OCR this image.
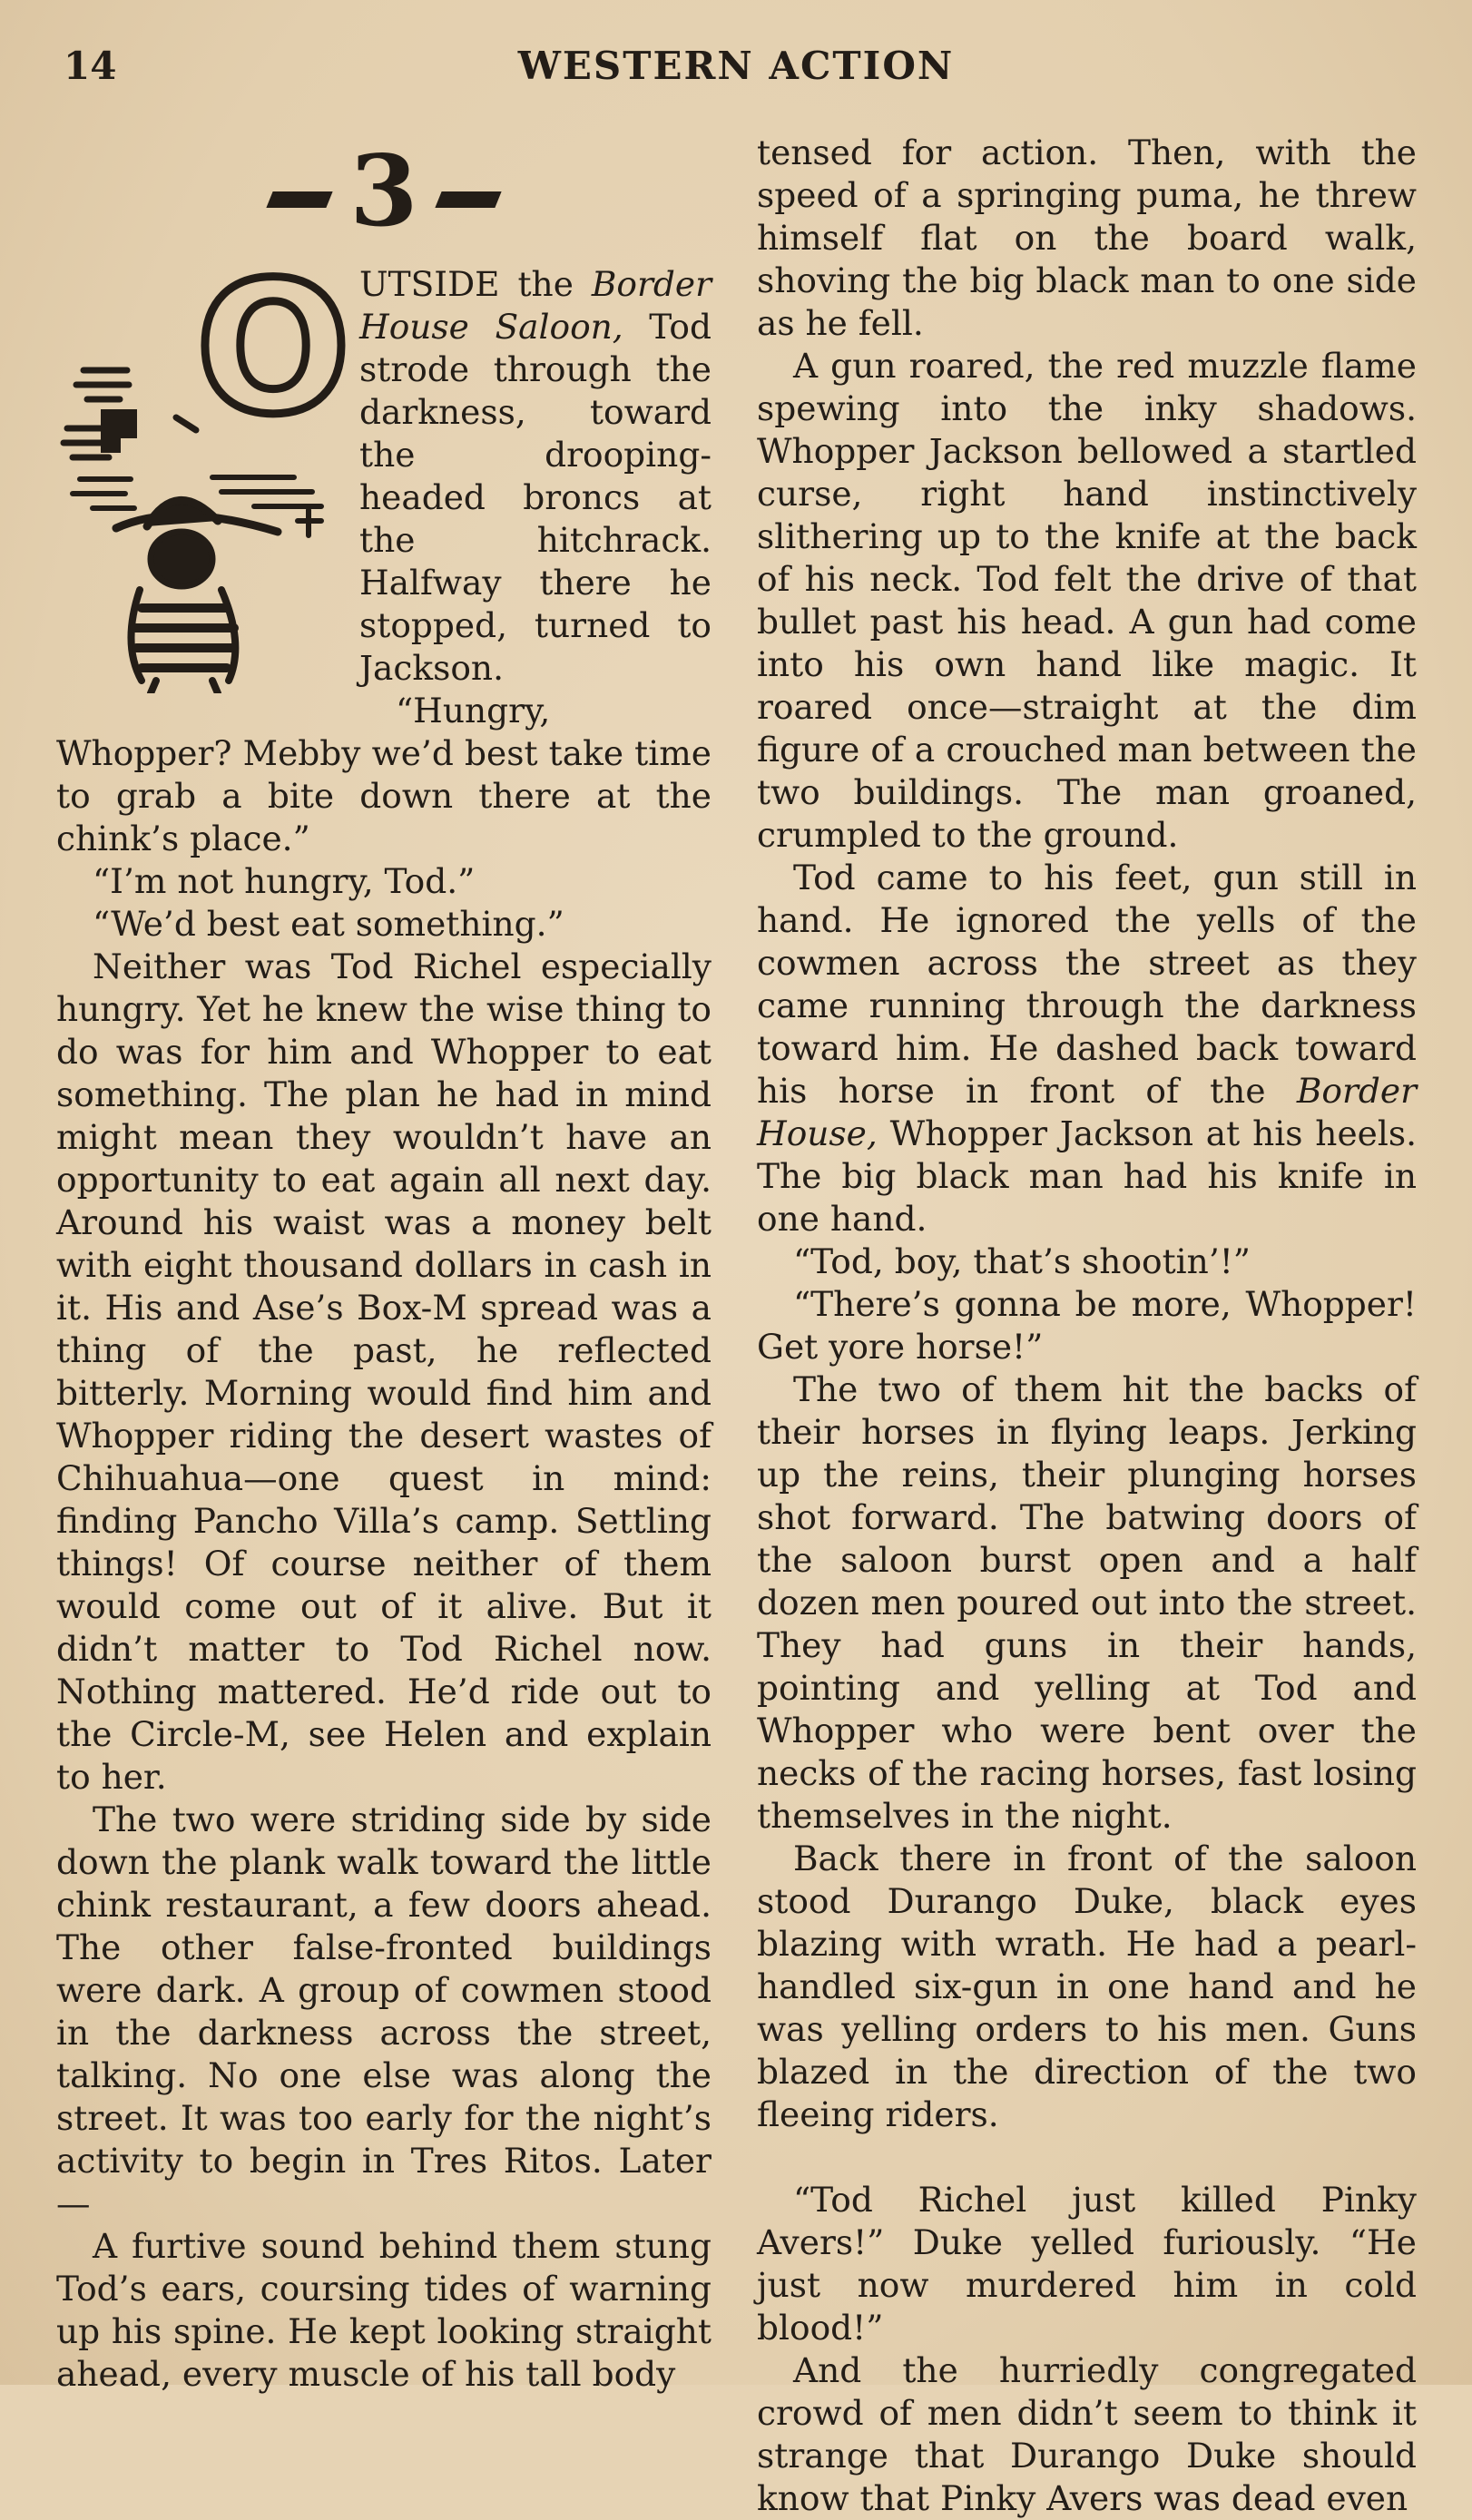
14	WESTERN ACTION
3
O UTSIDE the Border House Saloon, Tod strode through the darkness, toward the drooping-headed broncs at the hitchrack. Halfway there he stopped, turned to Jackson.

“Hungry, Whopper? Mebby we’d best take time to grab a bite down there at the chink’s place.”

“I’m not hungry, Tod.”

“We’d best eat something.”

Neither was Tod Richel especially hungry. Yet he knew the wise thing to do was for him and Whopper to eat something. The plan he had in mind might mean they wouldn’t have an opportunity to eat again all next day. Around his waist was a money belt with eight thousand dollars in cash in it. His and Ase’s Box-M spread was a thing of the past, he reflected bitterly. Morning would find him and Whopper riding the desert wastes of Chihuahua—one quest in mind: finding Pancho Villa’s camp. Settling things! Of course neither of them would come out of it alive. But it didn’t matter to Tod Richel now. Nothing mattered. He’d ride out to the Circle-M, see Helen and explain to her.

The two were striding side by side down the plank walk toward the little chink restaurant, a few doors ahead. The other false-fronted buildings were dark. A group of cowmen stood in the darkness across the street, talking. No one else was along the street. It was too early for the night’s activity to begin in Tres Ritos. Later—

A furtive sound behind them stung Tod’s ears, coursing tides of warning up his spine. He kept looking straight ahead, every muscle of his tall body

tensed for action. Then, with the speed of a springing puma, he threw himself flat on the board walk, shoving the big black man to one side as he fell.

A gun roared, the red muzzle flame spewing into the inky shadows. Whopper Jackson bellowed a startled curse, right hand instinctively slithering up to the knife at the back of his neck. Tod felt the drive of that bullet past his head. A gun had come into his own hand like magic. It roared once—straight at the dim figure of a crouched man between the two buildings. The man groaned, crumpled to the ground.

Tod came to his feet, gun still in hand. He ignored the yells of the cowmen across the street as they came running through the darkness toward him. He dashed back toward his horse in front of the Border House, Whopper Jackson at his heels. The big black man had his knife in one hand.

“Tod, boy, that’s shootin’!”

“There’s gonna be more, Whopper! Get yore horse!”

The two of them hit the backs of their horses in flying leaps. Jerking up the reins, their plunging horses shot forward. The batwing doors of the saloon burst open and a half dozen men poured out into the street. They had guns in their hands, pointing and yelling at Tod and Whopper who were bent over the necks of the racing horses, fast losing themselves in the night.

Back there in front of the saloon stood Durango Duke, black eyes blazing with wrath. He had a pearl-handled six-gun in one hand and he was yelling orders to his men. Guns blazed in the direction of the two fleeing riders.

“Tod Richel just killed Pinky Avers!” Duke yelled furiously. “He just now murdered him in cold blood!”

And the hurriedly congregated crowd of men didn’t seem to think it strange that Durango Duke should know that Pinky Avers was dead even
